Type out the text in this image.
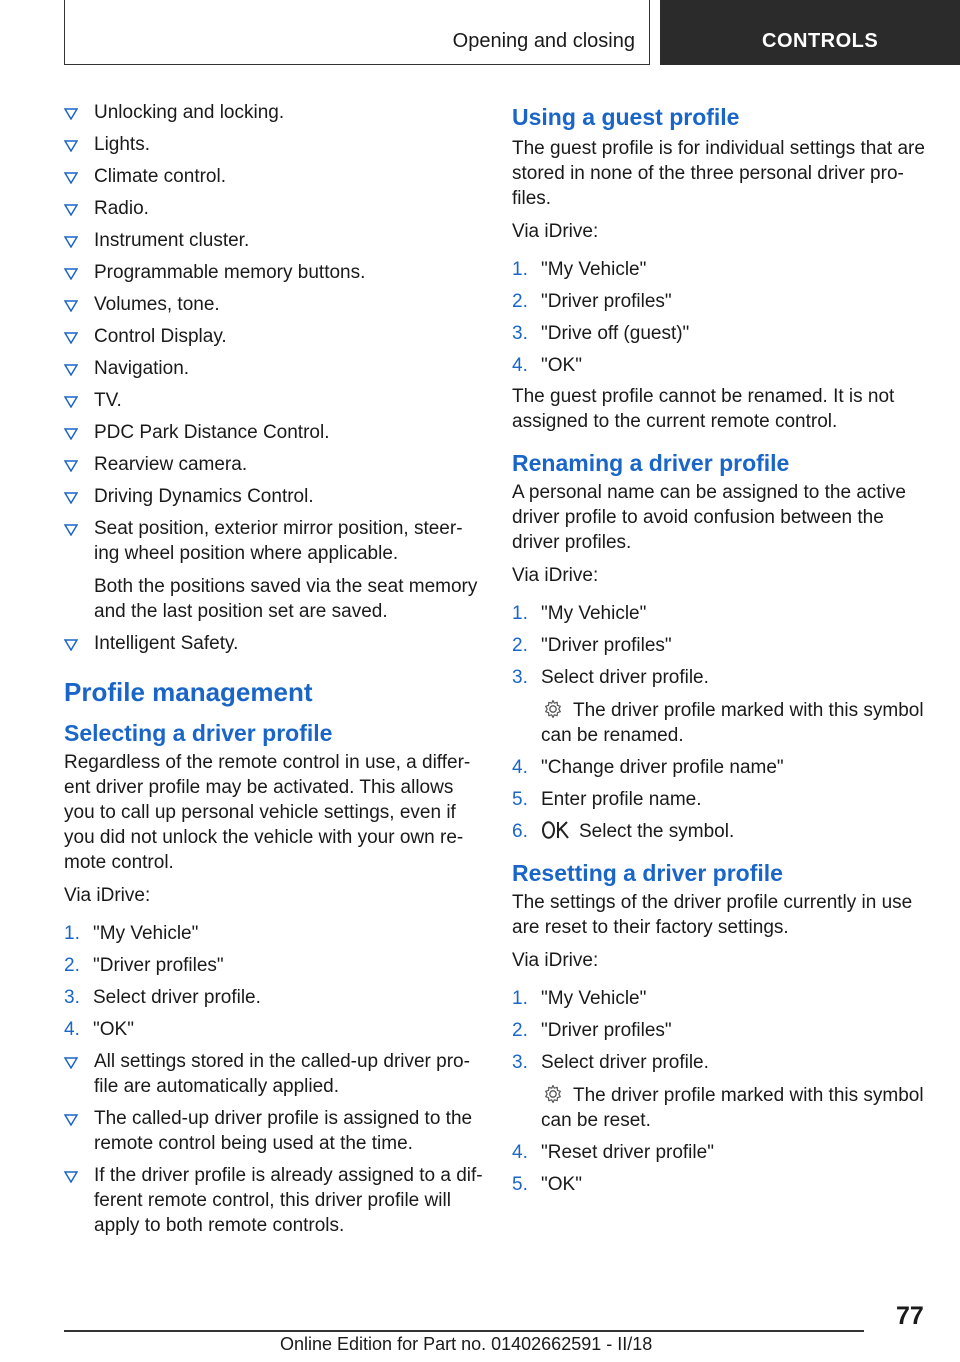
Opening and closing	CONTROLS

Unlocking and locking.

Lights.

Climate control.

Radio.

Instrument cluster.

Programmable memory buttons.

Volumes, tone.

Control Display.

Navigation.

TV.

PDC Park Distance Control.

Rearview camera.

Driving Dynamics Control.

Seat position, exterior mirror position, steer-ing wheel position where applicable.

Both the positions saved via the seat memory and the last position set are saved.

Intelligent Safety.

Profile management
Selecting a driver profile

Regardless of the remote control in use, a differ-ent driver profile may be activated. This allows you to call up personal vehicle settings, even if you did not unlock the vehicle with your own re-mote control.

Via iDrive:

1. "My Vehicle"
2. "Driver profiles"
3. Select driver profile.
4. "OK"

All settings stored in the called-up driver pro-file are automatically applied.

The called-up driver profile is assigned to the remote control being used at the time.

If the driver profile is already assigned to a dif-ferent remote control, this driver profile will apply to both remote controls.

Using a guest profile

The guest profile is for individual settings that are stored in none of the three personal driver pro-files.

Via iDrive:

1. "My Vehicle"
2. "Driver profiles"
3. "Drive off (guest)"
4. "OK"

The guest profile cannot be renamed. It is not assigned to the current remote control.

Renaming a driver profile

A personal name can be assigned to the active driver profile to avoid confusion between the driver profiles.

Via iDrive:

1. "My Vehicle"
2. "Driver profiles"
3. Select driver profile.

The driver profile marked with this symbol can be renamed.

4. "Change driver profile name"
5. Enter profile name.
6.	Select the symbol.
Resetting a driver profile

The settings of the driver profile currently in use are reset to their factory settings.

Via iDrive:

1. "My Vehicle"
2. "Driver profiles"
3. Select driver profile.

The driver profile marked with this symbol can be reset.

4. "Reset driver profile"
5. "OK"
77
Online Edition for Part no. 01402662591 - II/18
